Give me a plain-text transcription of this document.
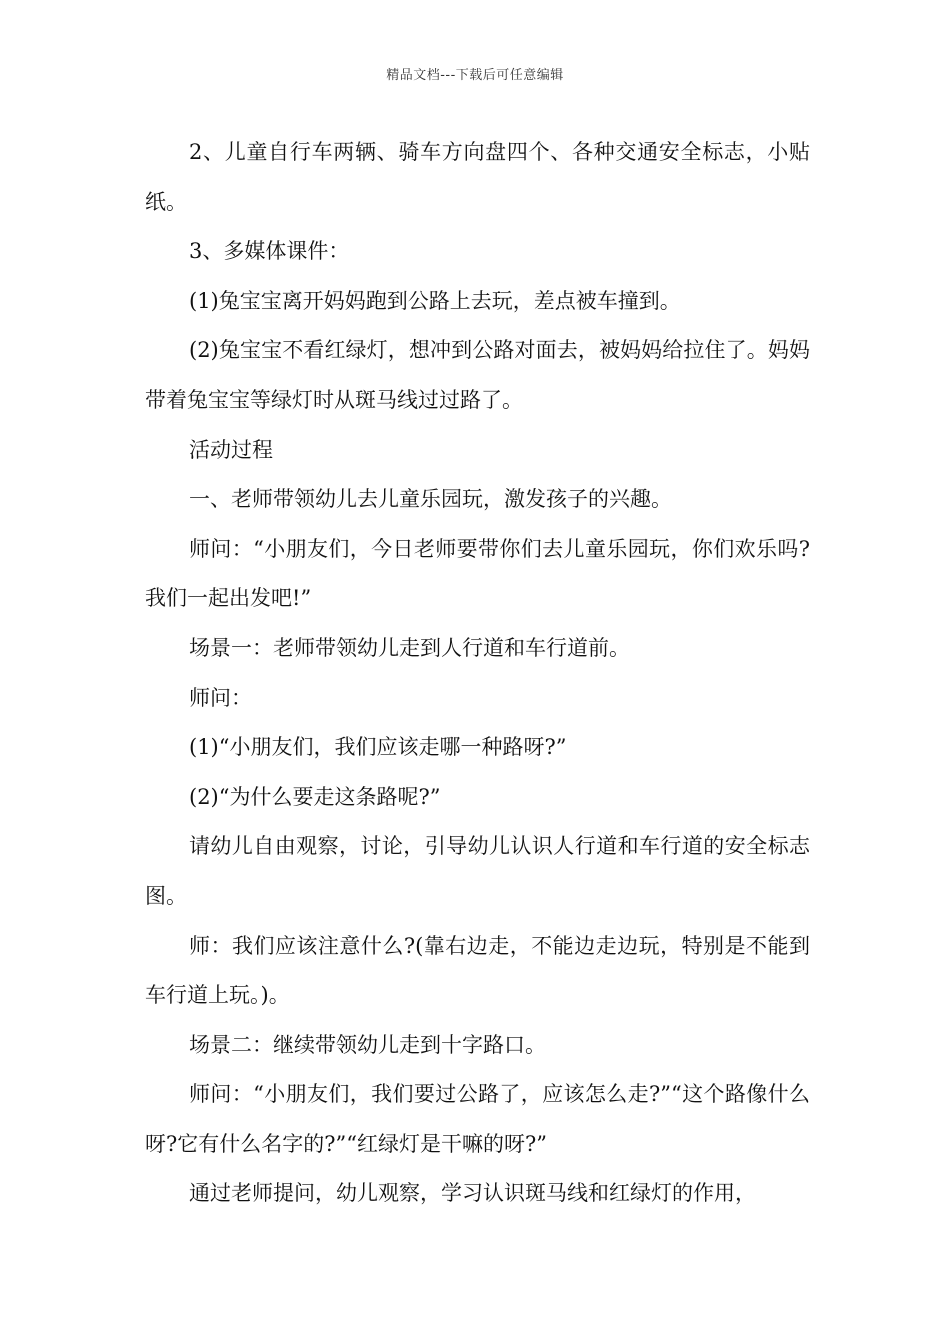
精品文档---下载后可任意编辑

2、儿童自行车两辆、骑车方向盘四个、各种交通安全标志，小贴纸。

3、多媒体课件：

(1)兔宝宝离开妈妈跑到公路上去玩，差点被车撞到。

(2)兔宝宝不看红绿灯，想冲到公路对面去，被妈妈给拉住了。妈妈带着兔宝宝等绿灯时从斑马线过过路了。

活动过程

一、老师带领幼儿去儿童乐园玩，激发孩子的兴趣。

师问：“小朋友们，今日老师要带你们去儿童乐园玩，你们欢乐吗?我们一起出发吧!”

场景一：老师带领幼儿走到人行道和车行道前。

师问：

(1)“小朋友们，我们应该走哪一种路呀?”

(2)“为什么要走这条路呢?”

请幼儿自由观察，讨论，引导幼儿认识人行道和车行道的安全标志图。

师：我们应该注意什么?(靠右边走，不能边走边玩，特别是不能到车行道上玩。)。

场景二：继续带领幼儿走到十字路口。

师问：“小朋友们，我们要过公路了，应该怎么走?”“这个路像什么呀?它有什么名字的?”“红绿灯是干嘛的呀?”

通过老师提问，幼儿观察，学习认识斑马线和红绿灯的作用，
